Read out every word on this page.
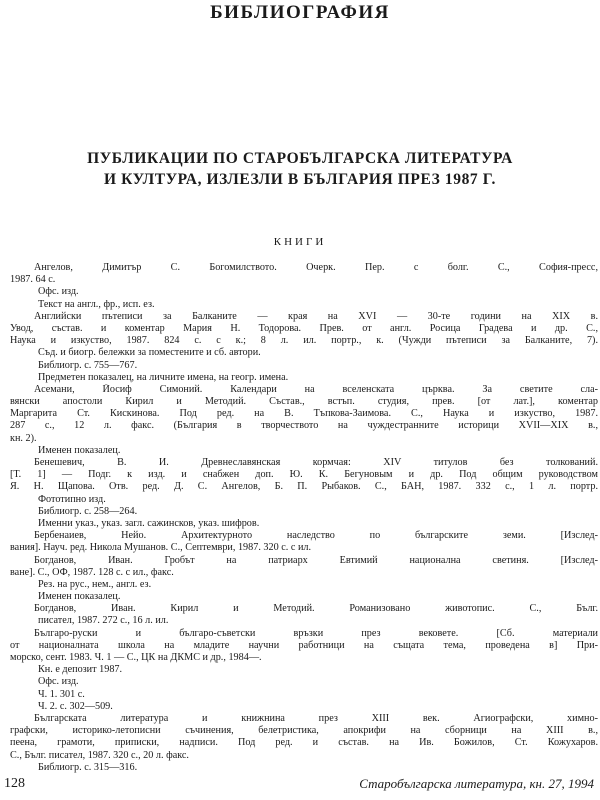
БИБЛИОГРАФИЯ
ПУБЛИКАЦИИ ПО СТАРОБЪЛГАРСКА ЛИТЕРАТУРА
И КУЛТУРА, ИЗЛЕЗЛИ В БЪЛГАРИЯ ПРЕЗ 1987 Г.
КНИГИ
Ангелов, Димитър С. Богомилството. Очерк. Пер. с болг. С., София-пресс,
1987. 64 с.
Офс. изд.
Текст на англ., фр., исп. ез.
Английски пътеписи за Балканите — края на XVI — 30-те години на XIX в.
Увод, състав. и коментар Мария Н. Тодорова. Прев. от англ. Росица Градева и др. С.,
Наука и изкуство, 1987. 824 с. с к.; 8 л. ил. портр., к. (Чужди пътеписи за Балканите, 7).
Съд. и биогр. бележки за поместените и сб. автори.
Библиогр. с. 755—767.
Предметен показалец, на личните имена, на геогр. имена.
Асемани, Йосиф Симоний. Календари на вселенската църква. За светите сла-
вянски апостоли Кирил и Методий. Състав., встъп. студия, прев. [от лат.], коментар
Маргарита Ст. Кискинова. Под ред. на В. Тъпкова-Заимова. С., Наука и изкуство, 1987.
287 с., 12 л. факс. (България в творчеството на чуждестранните историци XVII—XIX в.,
кн. 2).
Именен показалец.
Бенешевич, В. И. Древнеславянская кормчая: XIV титулов без толкований.
[Т. 1] — Подг. к изд. и снабжен доп. Ю. К. Бегуновым и др. Под общим руководством
Я. Н. Щапова. Отв. ред. Д. С. Ангелов, Б. П. Рыбаков. С., БАН, 1987. 332 с., 1 л. портр.
Фототипно изд.
Библиогр. с. 258—264.
Именни указ., указ. загл. сажинсков, указ. шифров.
Бербенаиев, Нейо. Архитектурното наследство по българските земи. [Изслед-
вания]. Науч. ред. Никола Мушанов. С., Септември, 1987. 320 с. с ил.
Богданов, Иван. Гробът на патриарх Евтимий национална светиня. [Изслед-
ване]. С., ОФ, 1987. 128 с. с ил., факс.
Рез. на рус., нем., англ. ез.
Именен показалец.
Богданов, Иван. Кирил и Методий. Романизовано животопис. С., Бълг.
писател, 1987. 272 с., 16 л. ил.
Българо-руски и българо-съветски връзки през вековете. [Сб. материали
от националната школа на младите научни работници на същата тема, проведена в] При-
морско, сент. 1983. Ч. 1 — С., ЦК на ДКМС и др., 1984—.
Кн. е депозит 1987.
Офс. изд.
Ч. 1. 301 с.
Ч. 2. с. 302—509.
Българската литература и книжнина през XIII век. Агиографски, химно-
графски, историко-летописни съчинения, белетристика, апокрифи на сборници на XIII в.,
пеена, грамоти, приписки, надписи. Под ред. и състав. на Ив. Божилов, Ст. Кожухаров.
С., Бълг. писател, 1987. 320 с., 20 л. факс.
Библиогр. с. 315—316.
128	Старобългарска литература, кн. 27, 1994
